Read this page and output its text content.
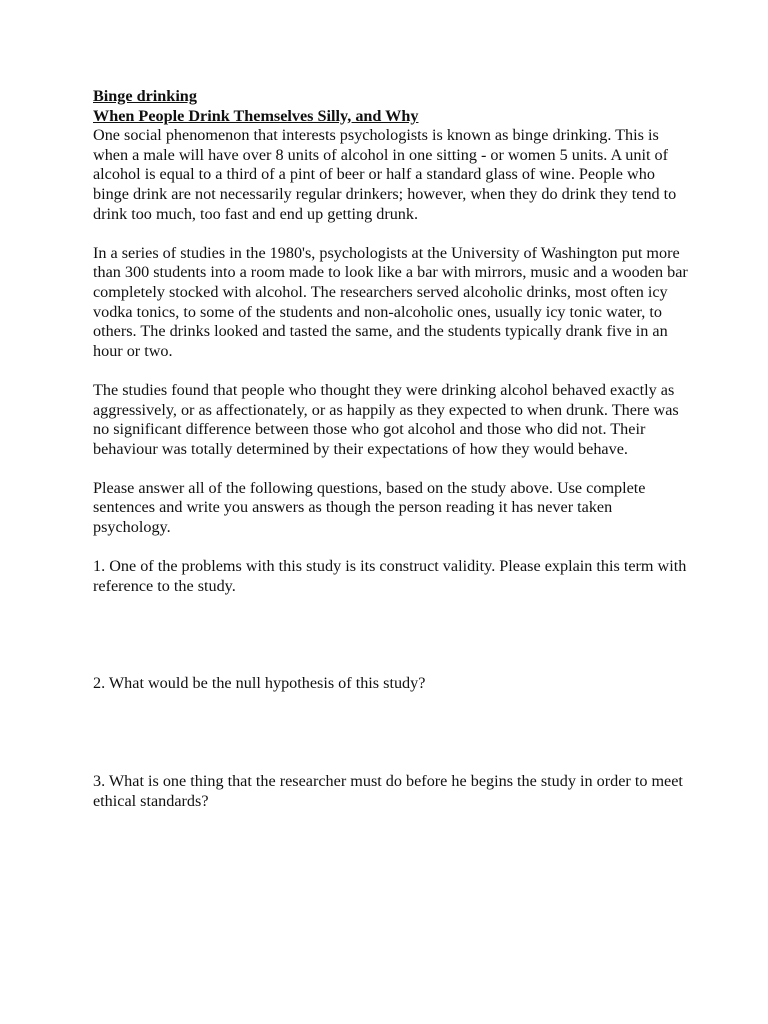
Binge drinking

When People Drink Themselves Silly, and Why

One social phenomenon that interests psychologists is known as binge drinking. This is when a male will have over 8 units of alcohol in one sitting - or women 5 units. A unit of alcohol is equal to a third of a pint of beer or half a standard glass of wine. People who binge drink are not necessarily regular drinkers; however, when they do drink they tend to drink too much, too fast and end up getting drunk.

In a series of studies in the 1980's, psychologists at the University of Washington put more than 300 students into a room made to look like a bar with mirrors, music and a wooden bar completely stocked with alcohol. The researchers served alcoholic drinks, most often icy vodka tonics, to some of the students and non-alcoholic ones, usually icy tonic water, to others. The drinks looked and tasted the same, and the students typically drank five in an hour or two.

The studies found that people who thought they were drinking alcohol behaved exactly as aggressively, or as affectionately, or as happily as they expected to when drunk. There was no significant difference between those who got alcohol and those who did not. Their behaviour was totally determined by their expectations of how they would behave.

Please answer all of the following questions, based on the study above. Use complete sentences and write you answers as though the person reading it has never taken psychology.

1. One of the problems with this study is its construct validity. Please explain this term with reference to the study.

2. What would be the null hypothesis of this study?

3. What is one thing that the researcher must do before he begins the study in order to meet ethical standards?
